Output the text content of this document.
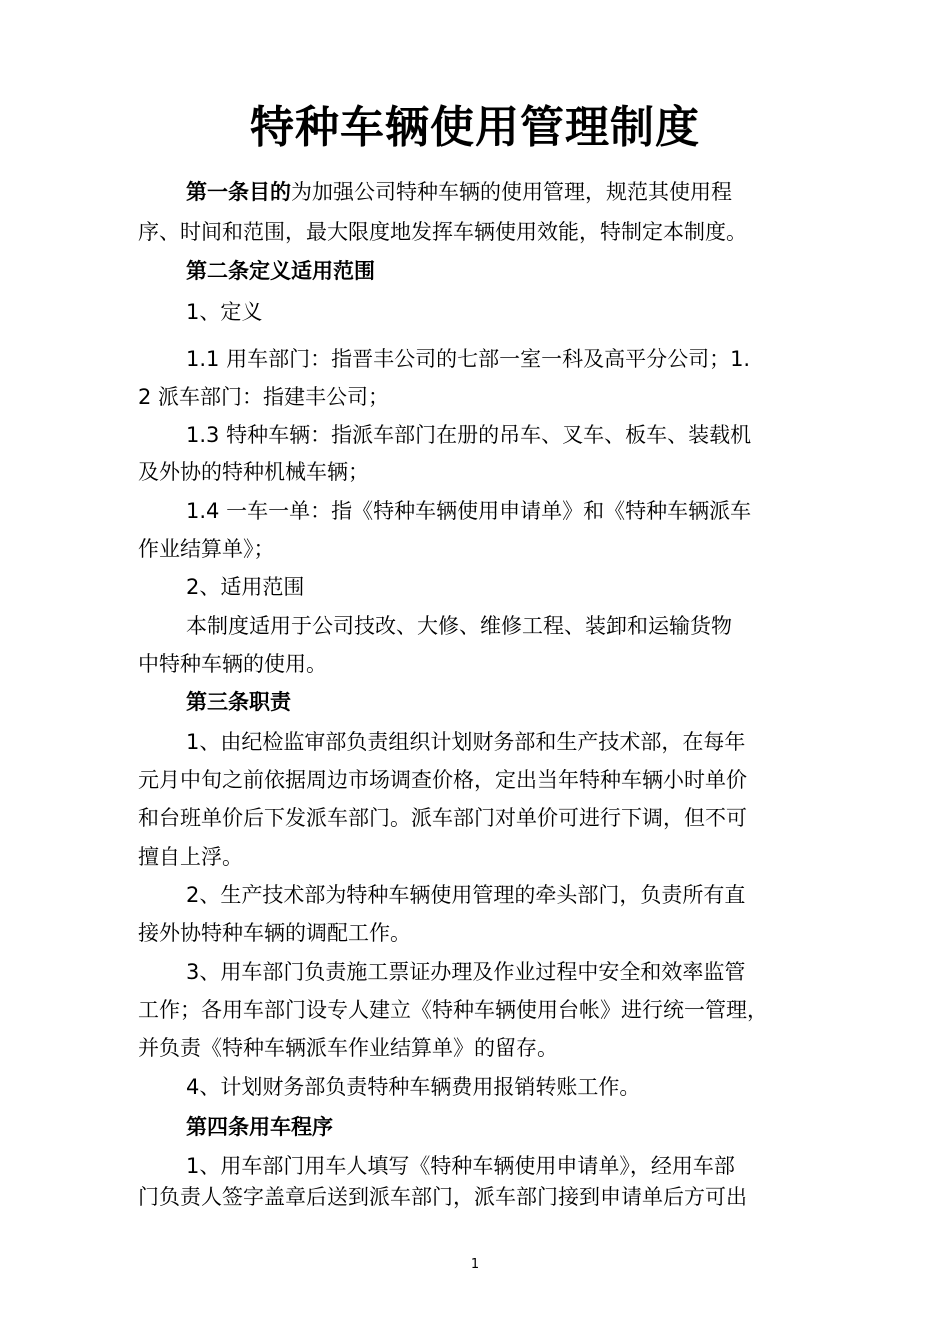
特种车辆使用管理制度
第一条目的为加强公司特种车辆的使用管理，规范其使用程
序、时间和范围，最大限度地发挥车辆使用效能，特制定本制度。
第二条定义适用范围
1、定义
1.1 用车部门：指晋丰公司的七部一室一科及高平分公司；1.
2 派车部门：指建丰公司；
1.3 特种车辆：指派车部门在册的吊车、叉车、板车、装载机
及外协的特种机械车辆；
1.4 一车一单：指《特种车辆使用申请单》和《特种车辆派车
作业结算单》；
2、适用范围
本制度适用于公司技改、大修、维修工程、装卸和运输货物
中特种车辆的使用。
第三条职责
1、由纪检监审部负责组织计划财务部和生产技术部，在每年
元月中旬之前依据周边市场调查价格，定出当年特种车辆小时单价
和台班单价后下发派车部门。派车部门对单价可进行下调，但不可
擅自上浮。
2、生产技术部为特种车辆使用管理的牵头部门，负责所有直
接外协特种车辆的调配工作。
3、用车部门负责施工票证办理及作业过程中安全和效率监管
工作；各用车部门设专人建立《特种车辆使用台帐》进行统一管理，
并负责《特种车辆派车作业结算单》的留存。
4、计划财务部负责特种车辆费用报销转账工作。
第四条用车程序
1、用车部门用车人填写《特种车辆使用申请单》，经用车部
门负责人签字盖章后送到派车部门，派车部门接到申请单后方可出
1
